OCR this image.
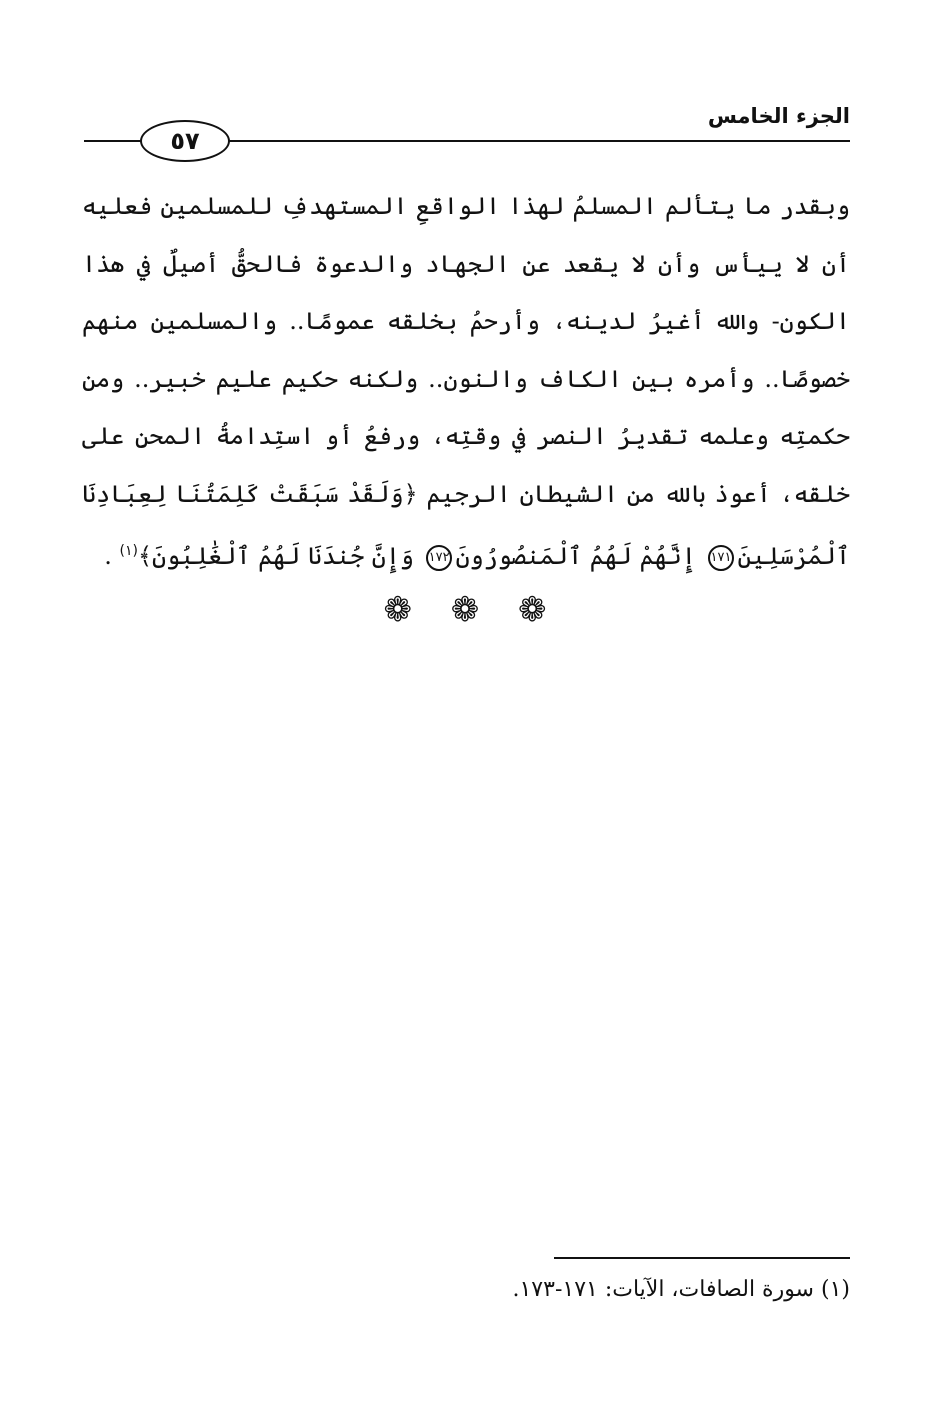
الجزء الخامس
٥٧

وبقدر ما يتألم المسلمُ لهذا الواقعِ المستهدفِ للمسلمين فعليه أن لا ييأس وأن لا يقعد عن الجهاد والدعوة فالحقُّ أصيلٌ في هذا الكون- والله أغيرُ لدينه، وأرحمُ بخلقه عمومًا.. والمسلمين منهم خصوصًا.. وأمره بين الكاف والنون.. ولكنه حكيم عليم خبير.. ومن حكمتِه وعلمه تقديرُ النصر في وقتِه، ورفعُ أو استِدامةُ المحنِ على خلقه، أعوذ بالله من الشيطان الرجيم ﴿وَلَقَدْ سَبَقَتْ كَلِمَتُنَا لِعِبَادِنَا ٱلْمُرْسَلِينَ١٧١ إِنَّهُمْ لَهُمُ ٱلْمَنصُورُونَ١٧٢ وَإِنَّ جُندَنَا لَهُمُ ٱلْغَٰلِبُونَ﴾$^{(١)}$ .

❁ ❁ ❁
(١) سورة الصافات، الآيات: ١٧١-١٧٣.
